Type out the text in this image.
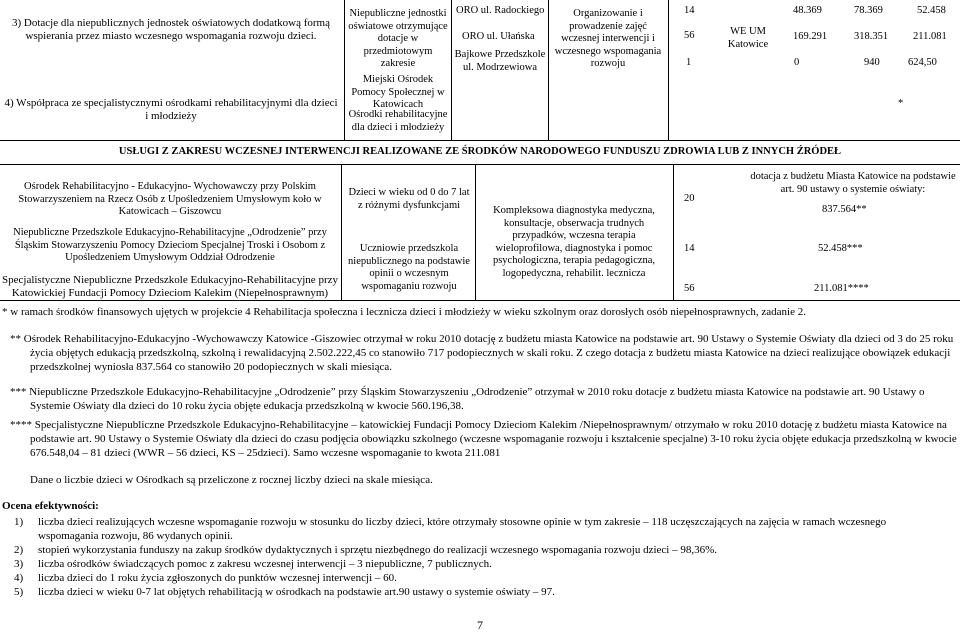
3) Dotacje dla niepublicznych jednostek oświatowych dodatkową formą wspierania przez miasto wczesnego wspomagania rozwoju dzieci.
4) Współpraca ze specjalistycznymi ośrodkami rehabilitacyjnymi dla dzieci i młodzieży
Niepubliczne jednostki oświatowe otrzymujące dotacje w przedmiotowym zakresie
Miejski Ośrodek Pomocy Społecznej w Katowicach
Ośrodki rehabilitacyjne dla dzieci i młodzieży
ORO ul. Radockiego
ORO ul. Ułańska
Bajkowe Przedszkole ul. Modrzewiowa
Organizowanie i prowadzenie zajęć wczesnej interwencji i wczesnego wspomagania rozwoju
14
56
1
WE UM Katowice
48.369
169.291
0
78.369
318.351
940
52.458
211.081
624,50
*
USŁUGI Z ZAKRESU WCZESNEJ INTERWENCJI REALIZOWANE ZE ŚRODKÓW NARODOWEGO FUNDUSZU ZDROWIA LUB Z INNYCH ŹRÓDEŁ
Ośrodek Rehabilitacyjno - Edukacyjno- Wychowawczy przy Polskim Stowarzyszeniem na Rzecz Osób z Upośledzeniem Umysłowym koło w Katowicach – Giszowcu
Niepubliczne Przedszkole Edukacyjno-Rehabilitacyjne „Odrodzenie” przy Śląskim Stowarzyszeniu Pomocy Dzieciom Specjalnej Troski i Osobom z Upośledzeniem Umysłowym Oddział Odrodzenie
Specjalistyczne Niepubliczne Przedszkole Edukacyjno-Rehabilitacyjne przy Katowickiej Fundacji Pomocy Dzieciom Kalekim (Niepełnosprawnym)
Dzieci w wieku od 0 do 7 lat z różnymi dysfunkcjami
Uczniowie przedszkola niepublicznego na podstawie opinii o wczesnym wspomaganiu rozwoju
Kompleksowa diagnostyka medyczna, konsultacje, obserwacja trudnych przypadków, wczesna terapia wieloprofilowa, diagnostyka i pomoc psychologiczna, terapia pedagogiczna, logopedyczna, rehabilit. lecznicza
20
14
56
dotacja z budżetu Miasta Katowice na podstawie art. 90 ustawy o systemie oświaty:
837.564**
52.458***
211.081****
* w ramach środków finansowych ujętych w projekcie 4 Rehabilitacja społeczna i lecznicza dzieci i młodzieży w wieku szkolnym oraz dorosłych osób niepełnosprawnych, zadanie 2.
** Ośrodek Rehabilitacyjno-Edukacyjno -Wychowawczy Katowice -Giszowiec otrzymał w roku 2010 dotację z budżetu miasta Katowice na podstawie art. 90 Ustawy o Systemie Oświaty dla dzieci od 3 do 25 roku życia objętych edukacją przedszkolną, szkolną i rewalidacyjną 2.502.222,45 co stanowiło 717 podopiecznych w skali roku. Z czego dotacja z budżetu miasta Katowice na dzieci realizujące obowiązek edukacji przedszkolnej wyniosła 837.564 co stanowiło 20 podopiecznych w skali miesiąca.
*** Niepubliczne Przedszkole Edukacyjno-Rehabilitacyjne „Odrodzenie” przy Śląskim Stowarzyszeniu „Odrodzenie” otrzymał w 2010 roku dotacje z budżetu miasta Katowice na podstawie art. 90 Ustawy o Systemie Oświaty dla dzieci do 10 roku życia objęte edukacja przedszkolną w kwocie 560.196,38.
**** Specjalistyczne Niepubliczne Przedszkole Edukacyjno-Rehabilitacyjne – katowickiej Fundacji Pomocy Dzieciom Kalekim /Niepełnosprawnym/ otrzymało w roku 2010 dotację z budżetu miasta Katowice na podstawie art. 90 Ustawy o Systemie Oświaty dla dzieci do czasu podjęcia obowiązku szkolnego (wczesne wspomaganie rozwoju i kształcenie specjalne) 3-10 roku życia objęte edukacja przedszkolną w kwocie 676.548,04 – 81 dzieci (WWR – 56 dzieci, KS – 25dzieci). Samo wczesne wspomaganie to kwota 211.081
Dane o liczbie dzieci w Ośrodkach są przeliczone z rocznej liczby dzieci na skale miesiąca.
Ocena efektywności:
1) liczba dzieci realizujących wczesne wspomaganie rozwoju w stosunku do liczby dzieci, które otrzymały stosowne opinie w tym zakresie – 118 uczęszczających na zajęcia w ramach wczesnego wspomagania rozwoju, 86 wydanych opinii.
2) stopień wykorzystania funduszy na zakup środków dydaktycznych i sprzętu niezbędnego do realizacji wczesnego wspomagania rozwoju dzieci – 98,36%.
3) liczba ośrodków świadczących pomoc z zakresu wczesnej interwencji – 3 niepubliczne, 7 publicznych.
4) liczba dzieci do 1 roku życia zgłoszonych do punktów wczesnej interwencji – 60.
5) liczba dzieci w wieku 0-7 lat objętych rehabilitacją w ośrodkach na podstawie art.90 ustawy o systemie oświaty – 97.
7
